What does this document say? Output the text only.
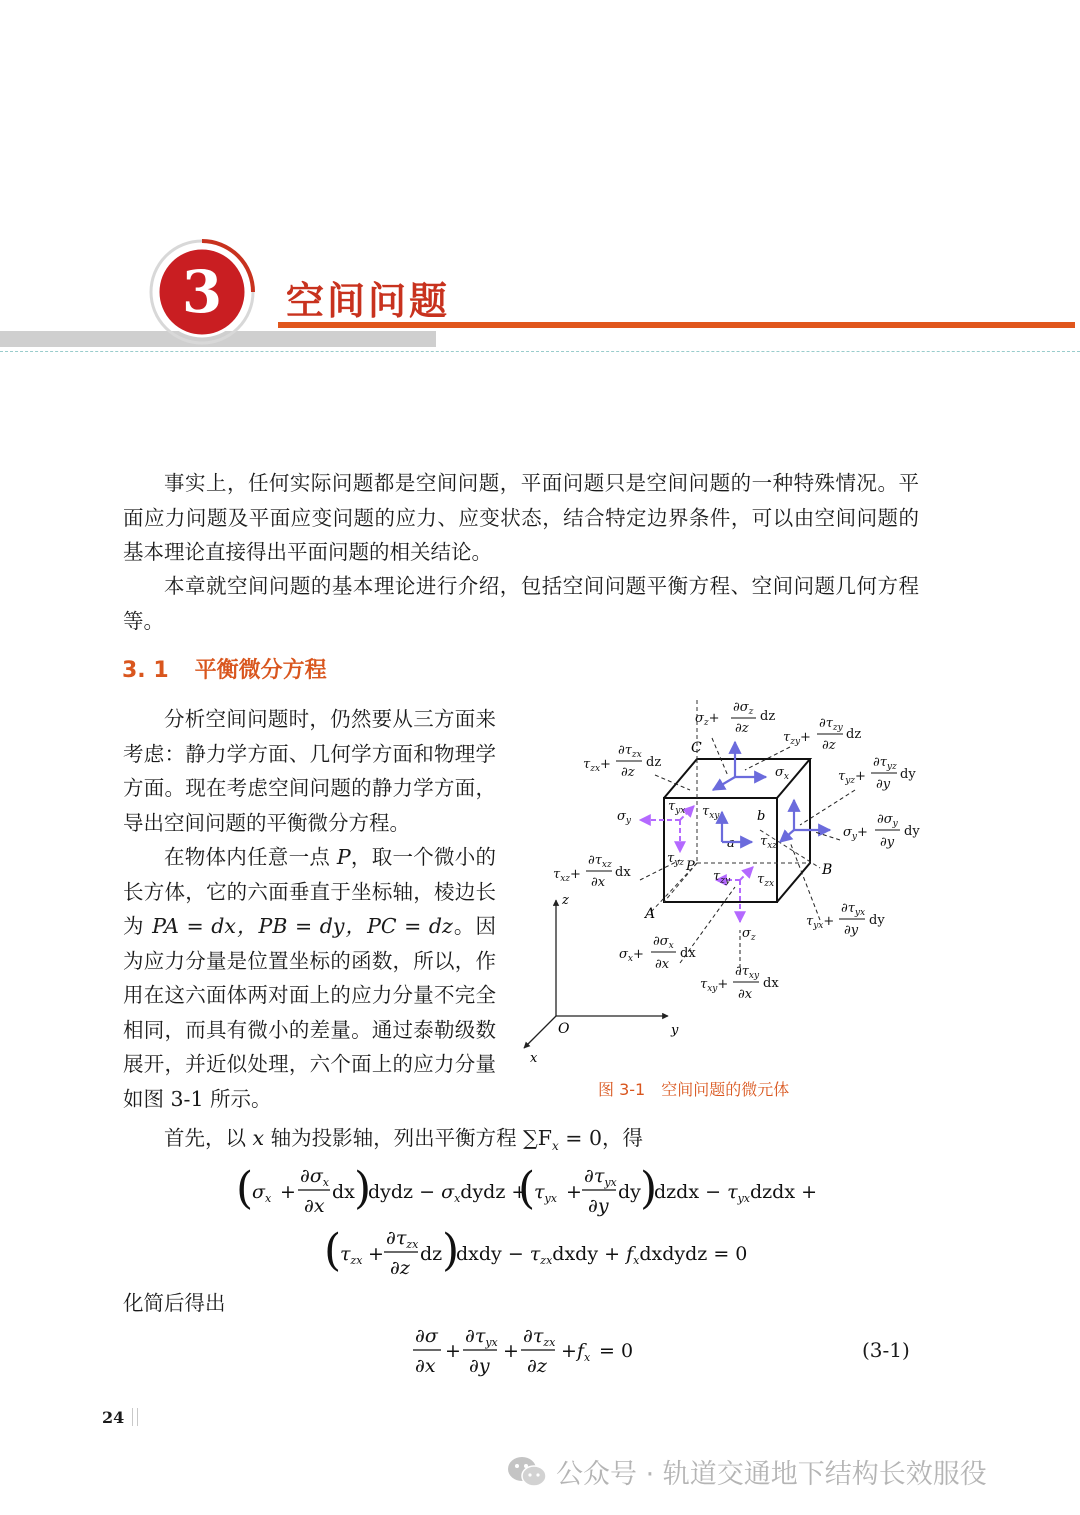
3 空间问题
事实上，任何实际问题都是空间问题，平面问题只是空间问题的一种特殊情况。平面应力问题及平面应变问题的应力、应变状态，结合特定边界条件，可以由空间问题的基本理论直接得出平面问题的相关结论。
本章就空间问题的基本理论进行介绍，包括空间问题平衡方程、空间问题几何方程等。
3. 1 平衡微分方程
分析空间问题时，仍然要从三方面来考虑：静力学方面、几何学方面和物理学方面。现在考虑空间问题的静力学方面，导出空间问题的平衡微分方程。
在物体内任意一点 P，取一个微小的长方体，它的六面垂直于坐标轴，棱边长为 PA = dx，PB = dy，PC = dz。因为应力分量是位置坐标的函数，所以，作用在这六面体两对面上的应力分量不完全相同，而具有微小的差量。通过泰勒级数展开，并近似处理，六个面上的应力分量如图 3-1 所示。
z
y
x
O
C
B
A
P
a
b
$\sigma_z+$
$\partial\sigma_z$
∂z
dz
$\tau_{zy}+$
$\partial\tau_{zy}$
∂z
dz
$\tau_{zx}+$
$\partial\tau_{zx}$
∂z
dz
$\sigma_x$	$\tau_{yz}+$
$\partial\tau_{yz}$
∂y
dy
$\sigma_y$
$\tau_{yx}$ $\tau_{xy}$
$\tau_{xz}$
$\sigma_y+$
$\partial\sigma_y$
∂y
dy
$\tau_{xz}+$
$\partial\tau_{xz}$
∂x
dx
$\tau_{yz}$
$\tau_{zy}$ $\tau_{zx}$
$\sigma_z$
$\tau_{yx}+$
$\partial\tau_{yx}$
∂y
dy
$\sigma_x+$
$\partial\sigma_x$
∂x
dx
$\tau_{xy}+$
$\partial\tau_{xy}$
∂x
dx
图 3-1 空间问题的微元体
首先，以 x 轴为投影轴，列出平衡方程 $\sum F_x = 0$，得
(
$\sigma_x$ +
$\partial\sigma_x$
∂x
dx )
dydz − $\sigma_xdydz$ +
(
$\tau_{yx}$ +
$\partial\tau_{yx}$
∂y
dy )
dzdx − $\tau_{yx}dzdx$ +
(
$\tau_{zx}$ +
$\partial\tau_{zx}$
∂z
dz )
dxdy − $\tau_{zx}dxdy$ + $f_xdxdydz = 0$
化简后得出
∂σ
∂x
+
$\partial\tau_{yx}$
∂y
+
$\partial\tau_{zx}$
∂z
+ $f_x = 0$	(3-1)
24
公众号 · 轨道交通地下结构长效服役
